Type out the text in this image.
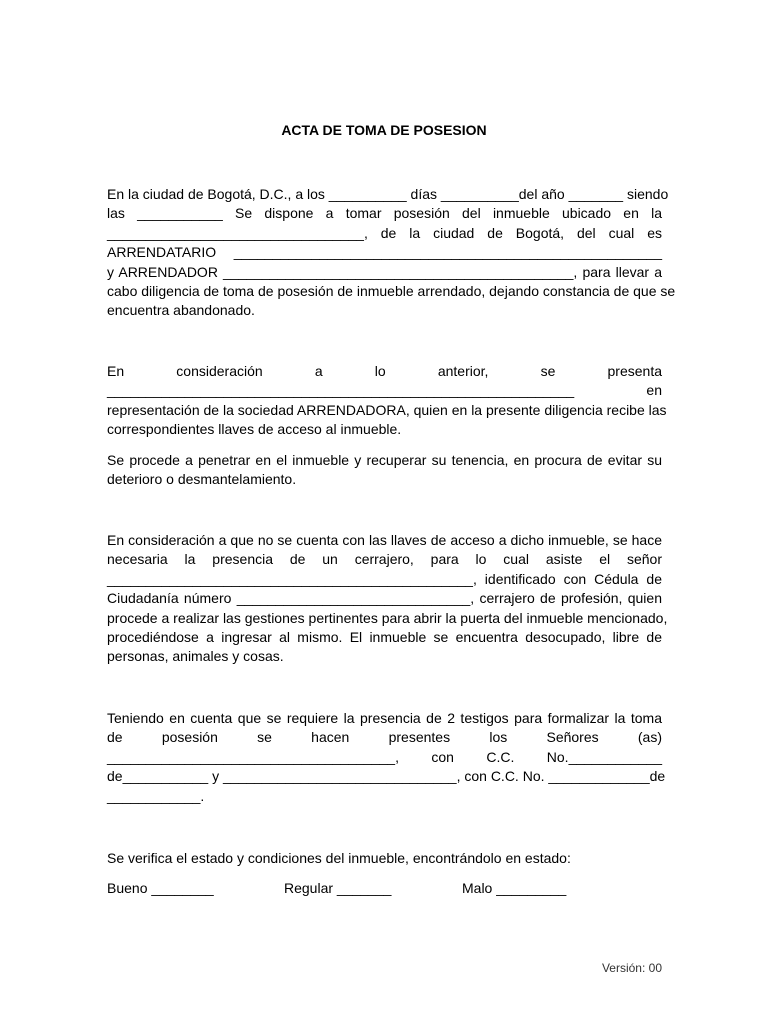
ACTA DE TOMA DE POSESION
En la ciudad de Bogotá, D.C., a los __________ días __________del año _______ siendo
las ___________ Se dispone a tomar posesión del inmueble ubicado en la
_________________________________, de la ciudad de Bogotá, del cual es
ARRENDATARIO _______________________________________________________
y ARRENDADOR _____________________________________________, para llevar a
cabo diligencia de toma de posesión de inmueble arrendado, dejando constancia de que se
encuentra abandonado.
En consideración a lo anterior, se presenta
____________________________________________________________ en
representación de la sociedad ARRENDADORA, quien en la presente diligencia recibe las
correspondientes llaves de acceso al inmueble.
Se procede a penetrar en el inmueble y recuperar su tenencia, en procura de evitar su
deterioro o desmantelamiento.
En consideración a que no se cuenta con las llaves de acceso a dicho inmueble, se hace
necesaria la presencia de un cerrajero, para lo cual asiste el señor
_______________________________________________, identificado con Cédula de
Ciudadanía número ______________________________, cerrajero de profesión, quien
procede a realizar las gestiones pertinentes para abrir la puerta del inmueble mencionado,
procediéndose a ingresar al mismo. El inmueble se encuentra desocupado, libre de
personas, animales y cosas.
Teniendo en cuenta que se requiere la presencia de 2 testigos para formalizar la toma
de posesión se hacen presentes los Señores (as)
_____________________________________, con C.C. No.____________
de___________ y ______________________________, con C.C. No. _____________de
____________.
Se verifica el estado y condiciones del inmueble, encontrándolo en estado:
Bueno ________	Regular _______	Malo _________
Versión: 00
